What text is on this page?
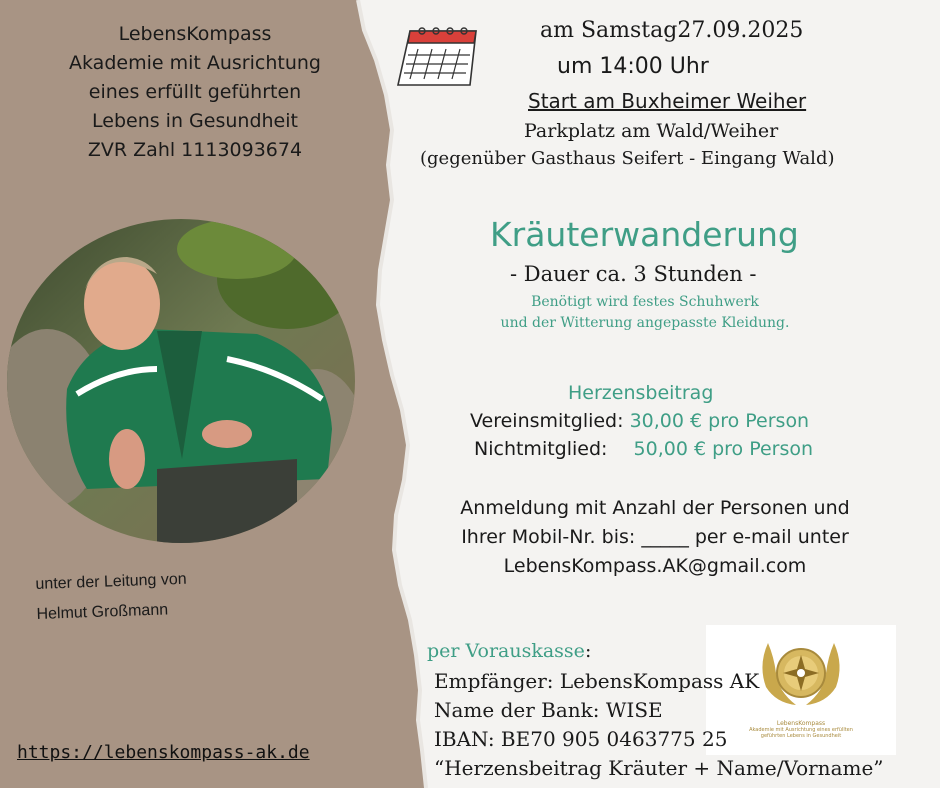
LebensKompass
Akademie mit Ausrichtung
eines erfüllt geführten
Lebens in Gesundheit
ZVR Zahl 1113093674
unter der Leitung von
Helmut Großmann
https://lebenskompass-ak.de
am Samstag27.09.2025
um 14:00 Uhr
Start am Buxheimer Weiher
Parkplatz am Wald/Weiher
(gegenüber Gasthaus Seifert - Eingang Wald)
Kräuterwanderung
- Dauer ca. 3 Stunden -
Benötigt wird festes Schuhwerk
und der Witterung angepasste Kleidung.
Herzensbeitrag
Vereinsmitglied: 30,00 € pro Person
Nichtmitglied: 50,00 € pro Person
Anmeldung mit Anzahl der Personen und
Ihrer Mobil-Nr. bis: _____ per e-mail unter
LebensKompass.AK@gmail.com
LebensKompass
Akademie mit Ausrichtung eines erfüllten
geführten Lebens in Gesundheit
per Vorauskasse:
Empfänger: LebensKompass AK
Name der Bank: WISE
IBAN: BE70 905 0463775 25
“Herzensbeitrag Kräuter + Name/Vorname”
